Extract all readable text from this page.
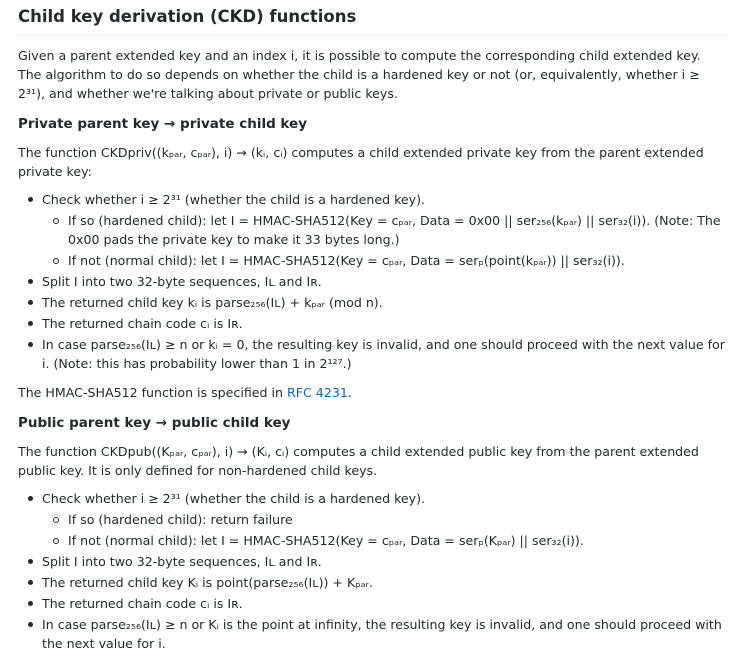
Child key derivation (CKD) functions

Given a parent extended key and an index i, it is possible to compute the corresponding child extended key. The algorithm to do so depends on whether the child is a hardened key or not (or, equivalently, whether i ≥ 2³¹), and whether we're talking about private or public keys.

Private parent key → private child key

The function CKDpriv((kₚₐᵣ, cₚₐᵣ), i) → (kᵢ, cᵢ) computes a child extended private key from the parent extended private key:

Check whether i ≥ 2³¹ (whether the child is a hardened key).
If so (hardened child): let I = HMAC-SHA512(Key = cₚₐᵣ, Data = 0x00 || ser₂₅₆(kₚₐᵣ) || ser₃₂(i)). (Note: The 0x00 pads the private key to make it 33 bytes long.)
If not (normal child): let I = HMAC-SHA512(Key = cₚₐᵣ, Data = serₚ(point(kₚₐᵣ)) || ser₃₂(i)).
Split I into two 32-byte sequences, Iʟ and Iʀ.
The returned child key kᵢ is parse₂₅₆(Iʟ) + kₚₐᵣ (mod n).
The returned chain code cᵢ is Iʀ.
In case parse₂₅₆(Iʟ) ≥ n or kᵢ = 0, the resulting key is invalid, and one should proceed with the next value for i. (Note: this has probability lower than 1 in 2¹²⁷.)

The HMAC-SHA512 function is specified in RFC 4231.

Public parent key → public child key

The function CKDpub((Kₚₐᵣ, cₚₐᵣ), i) → (Kᵢ, cᵢ) computes a child extended public key from the parent extended public key. It is only defined for non-hardened child keys.

Check whether i ≥ 2³¹ (whether the child is a hardened key).
If so (hardened child): return failure
If not (normal child): let I = HMAC-SHA512(Key = cₚₐᵣ, Data = serₚ(Kₚₐᵣ) || ser₃₂(i)).
Split I into two 32-byte sequences, Iʟ and Iʀ.
The returned child key Kᵢ is point(parse₂₅₆(Iʟ)) + Kₚₐᵣ.
The returned chain code cᵢ is Iʀ.
In case parse₂₅₆(Iʟ) ≥ n or Kᵢ is the point at infinity, the resulting key is invalid, and one should proceed with the next value for i.
